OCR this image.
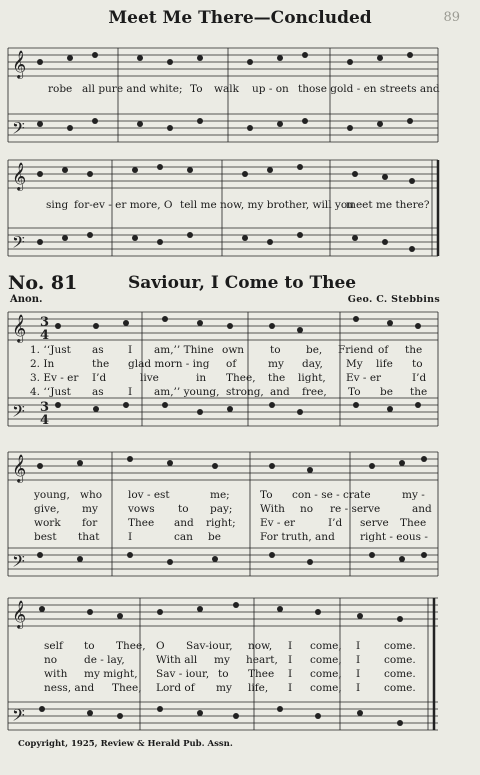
Meet Me There—Concluded	89
𝄞
𝄢
robe all pure and white; To walk up - on those gold - en streets and
𝄞
𝄢
sing for-ev - er more, O tell me now, my brother, will you
meet me there?
No. 81	Saviour, I Come to Thee
Anon.	Geo. C. Stebbins
𝄞 3
4
𝄢 3
4
1. ‘‘Just as I am,’’ Thine own to be, Friend of the
2. In	the glad morn - ing of	my day, My life to
3. Ev - er I’d	live	in Thee, the light, Ev - er	I’d
4. ‘‘Just as I am,’’ young, strong, and free, To be the
𝄞
𝄢
young, who lov - est	me;	To con - se - crate	my -
give, my	vows to pay;	With no re - serve	and
work for	Thee and right; Ev - er	I’d serve Thee
best that	I	can be	For truth, and right - eous -
𝄞
𝄢
self to Thee, O Sav-iour, now, I come, I come.
no	de - lay,	With all my heart, I come, I come.
with my might, Sav - iour, to Thee I come, I come.
ness, and Thee, Lord of my life, I come, I come.
Copyright, 1925, Review & Herald Pub. Assn.
